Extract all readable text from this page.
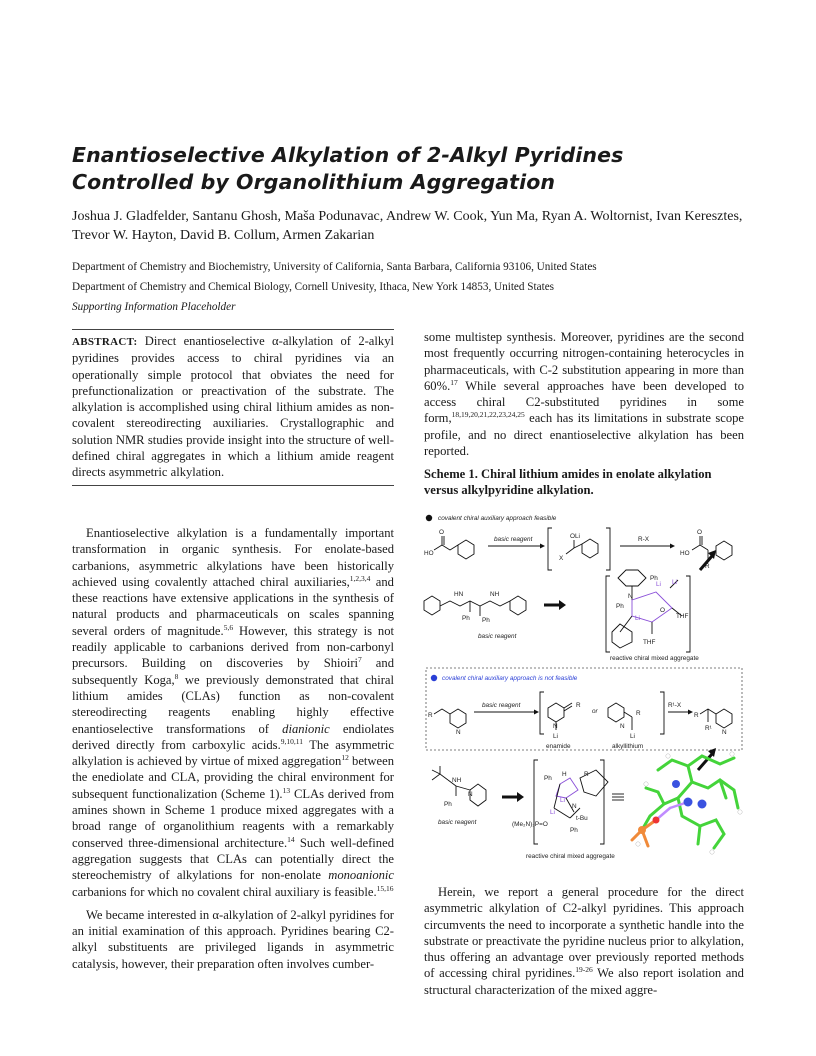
Enantioselective Alkylation of 2-Alkyl Pyridines Controlled by Organolithium Aggregation

Joshua J. Gladfelder, Santanu Ghosh, Maša Podunavac, Andrew W. Cook, Yun Ma, Ryan A. Woltornist, Ivan Keresztes, Trevor W. Hayton, David B. Collum, Armen Zakarian

Department of Chemistry and Biochemistry, University of California, Santa Barbara, California 93106, United States

Department of Chemistry and Chemical Biology, Cornell Univesity, Ithaca, New York 14853, United States

Supporting Information Placeholder

ABSTRACT: Direct enantioselective α-alkylation of 2-alkyl pyridines provides access to chiral pyridines via an operationally simple protocol that obviates the need for prefunctionalization or preactivation of the substrate. The alkylation is accomplished using chiral lithium amides as non-covalent stereodirecting auxiliaries. Crystallographic and solution NMR studies provide insight into the structure of well-defined chiral aggregates in which a lithium amide reagent directs asymmetric alkylation.

Enantioselective alkylation is a fundamentally important transformation in organic synthesis. For enolate-based carbanions, asymmetric alkylations have been historically achieved using covalently attached chiral auxiliaries,$^{1,2,3,4}$ and these reactions have extensive applications in the synthesis of natural products and pharmaceuticals on scales spanning several orders of magnitude.$^{5,6}$ However, this strategy is not readily applicable to carbanions derived from non-carbonyl precursors. Building on discoveries by Shioiri$^7$ and subsequently Koga,$^8$ we previously demonstrated that chiral lithium amides (CLAs) function as non-covalent stereodirecting reagents enabling highly effective enantioselective transformations of dianionic endiolates derived directly from carboxylic acids.$^{9,10,11}$ The asymmetric alkylation is achieved by virtue of mixed aggregation$^{12}$ between the enediolate and CLA, providing the chiral environment for subsequent functionalization (Scheme 1).$^{13}$ CLAs derived from amines shown in Scheme 1 produce mixed aggregates with a broad range of organolithium reagents with a remarkably conserved three-dimensional architecture.$^{14}$ Such well-defined aggregation suggests that CLAs can potentially direct the stereochemistry of alkylations for non-enolate monoanionic carbanions for which no covalent chiral auxiliary is feasible.$^{15,16}$

We became interested in α-alkylation of 2-alkyl pyridines for an initial examination of this approach. Pyridines bearing C2-alkyl substituents are privileged ligands in asymmetric catalysis, however, their preparation often involves cumber-

some multistep synthesis. Moreover, pyridines are the second most frequently occurring nitrogen-containing heterocycles in pharmaceuticals, with C-2 substitution appearing in more than 60%.$^{17}$ While several approaches have been developed to access chiral C2-substituted pyridines in some form,$^{18,19,20,21,22,23,24,25}$ each has its limitations in substrate scope profile, and no direct enantioselective alkylation has been reported.

Scheme 1. Chiral lithium amides in enolate alkylation versus alkylpyridine alkylation.
covalent chiral auxiliary approach feasible
O
HO
basic reagent	OLi
X
R-X
O
HO
R
HN	NH
Ph Ph
basic reagent
Ph
Li
Ph
N
Li
O
THF
Li
THF
reactive chiral mixed aggregate
covalent chiral auxiliary approach is not feasible
R
N
basic reagent	R
N
Li
enamide
or	R
N
Li
alkyllithium
R¹-X
R
R¹
N
NH
Ph
N
basic reagent
H	R
Ph
Li
Li
N
t-Bu
(Me₂N)₃P=O
Ph
reactive chiral mixed aggregate

Herein, we report a general procedure for the direct asymmetric alkylation of C2-alkyl pyridines. This approach circumvents the need to incorporate a synthetic handle into the substrate or preactivate the pyridine nucleus prior to alkylation, thus offering an advantage over previously reported methods of accessing chiral pyridines.$^{19-26}$ We also report isolation and structural characterization of the mixed aggre-
